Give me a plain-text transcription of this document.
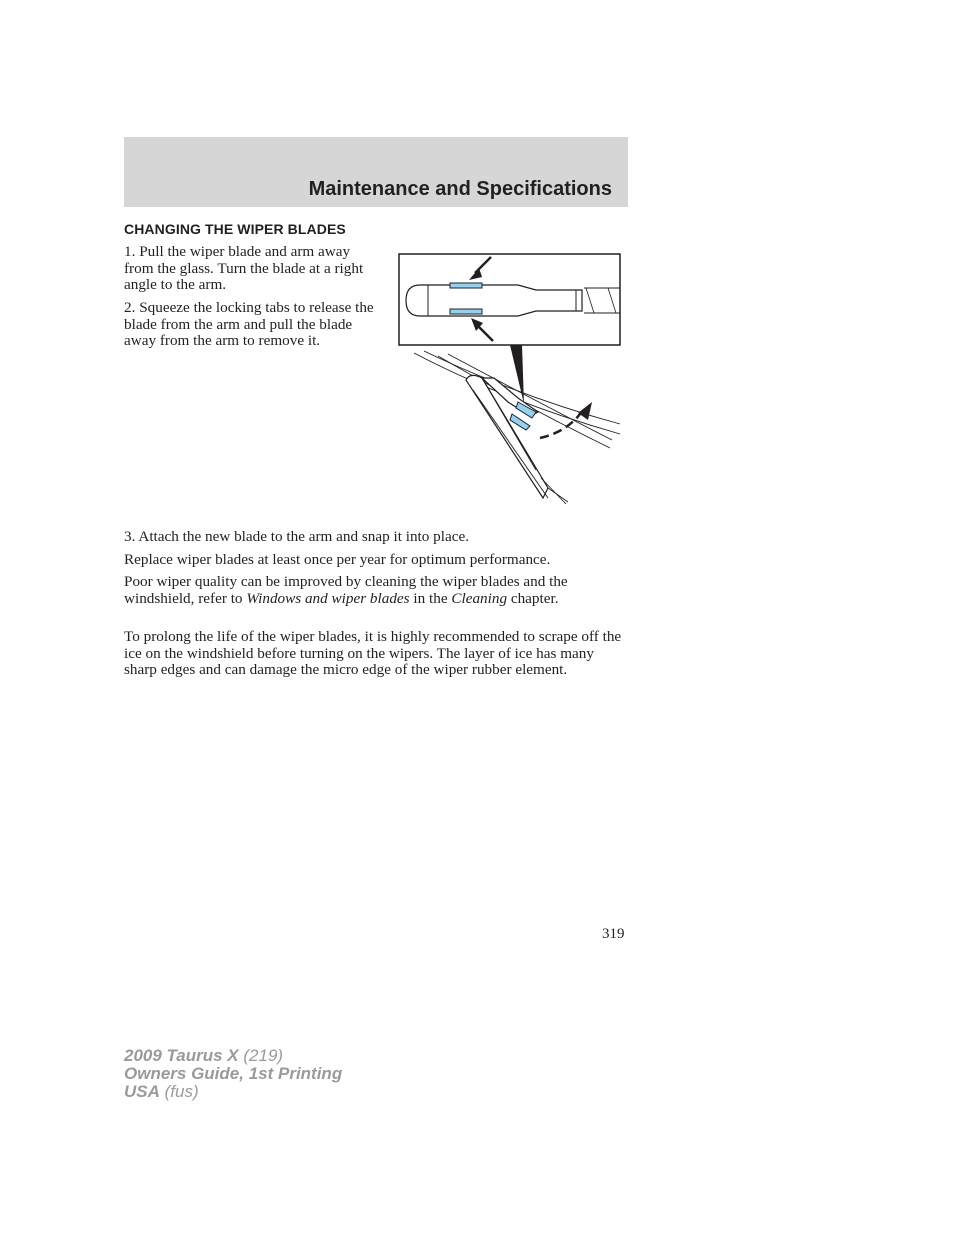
Maintenance and Specifications
CHANGING THE WIPER BLADES

1. Pull the wiper blade and arm away from the glass. Turn the blade at a right angle to the arm.

2. Squeeze the locking tabs to release the blade from the arm and pull the blade away from the arm to remove it.

3. Attach the new blade to the arm and snap it into place.

Replace wiper blades at least once per year for optimum performance.

Poor wiper quality can be improved by cleaning the wiper blades and the windshield, refer to Windows and wiper blades in the Cleaning chapter.

To prolong the life of the wiper blades, it is highly recommended to scrape off the ice on the windshield before turning on the wipers. The layer of ice has many sharp edges and can damage the micro edge of the wiper rubber element.

319
2009 Taurus X (219)
Owners Guide, 1st Printing
USA (fus)
